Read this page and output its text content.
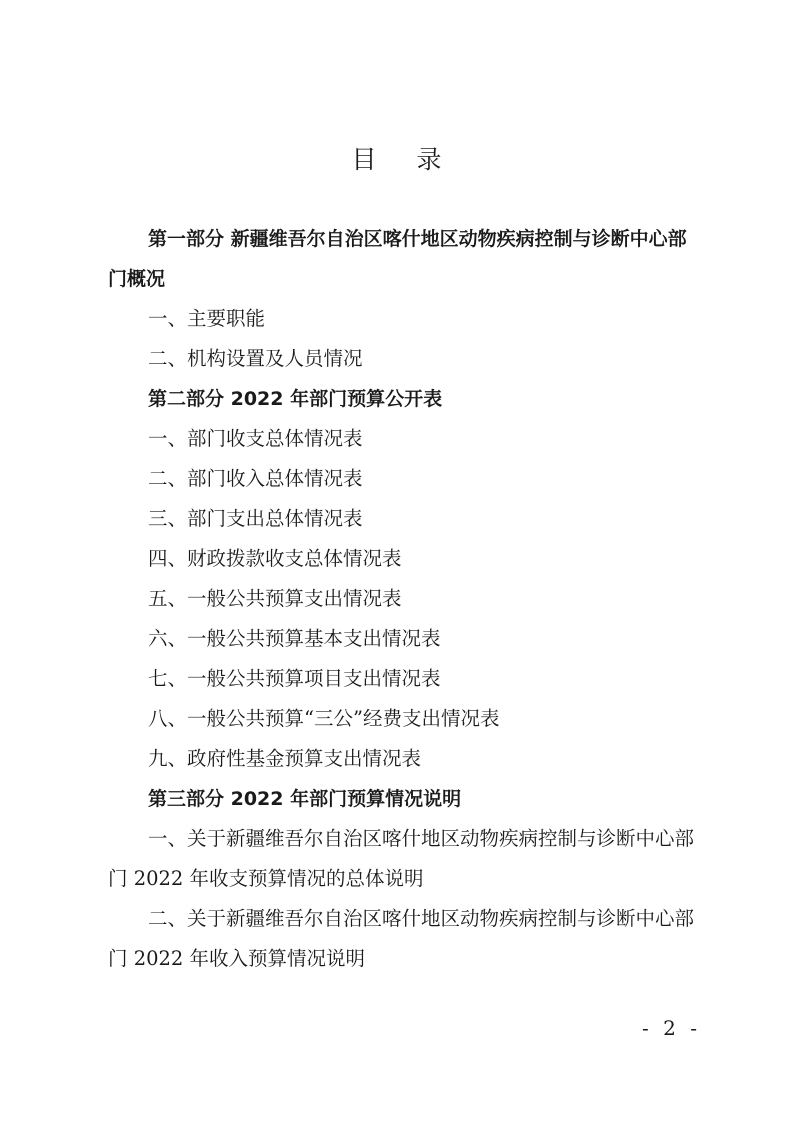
目 录

第一部分 新疆维吾尔自治区喀什地区动物疾病控制与诊断中心部门概况

一、主要职能

二、机构设置及人员情况

第二部分 2022 年部门预算公开表

一、部门收支总体情况表

二、部门收入总体情况表

三、部门支出总体情况表

四、财政拨款收支总体情况表

五、一般公共预算支出情况表

六、一般公共预算基本支出情况表

七、一般公共预算项目支出情况表

八、一般公共预算“三公”经费支出情况表

九、政府性基金预算支出情况表

第三部分 2022 年部门预算情况说明

一、关于新疆维吾尔自治区喀什地区动物疾病控制与诊断中心部门 2022 年收支预算情况的总体说明

二、关于新疆维吾尔自治区喀什地区动物疾病控制与诊断中心部门 2022 年收入预算情况说明

- 2 -
